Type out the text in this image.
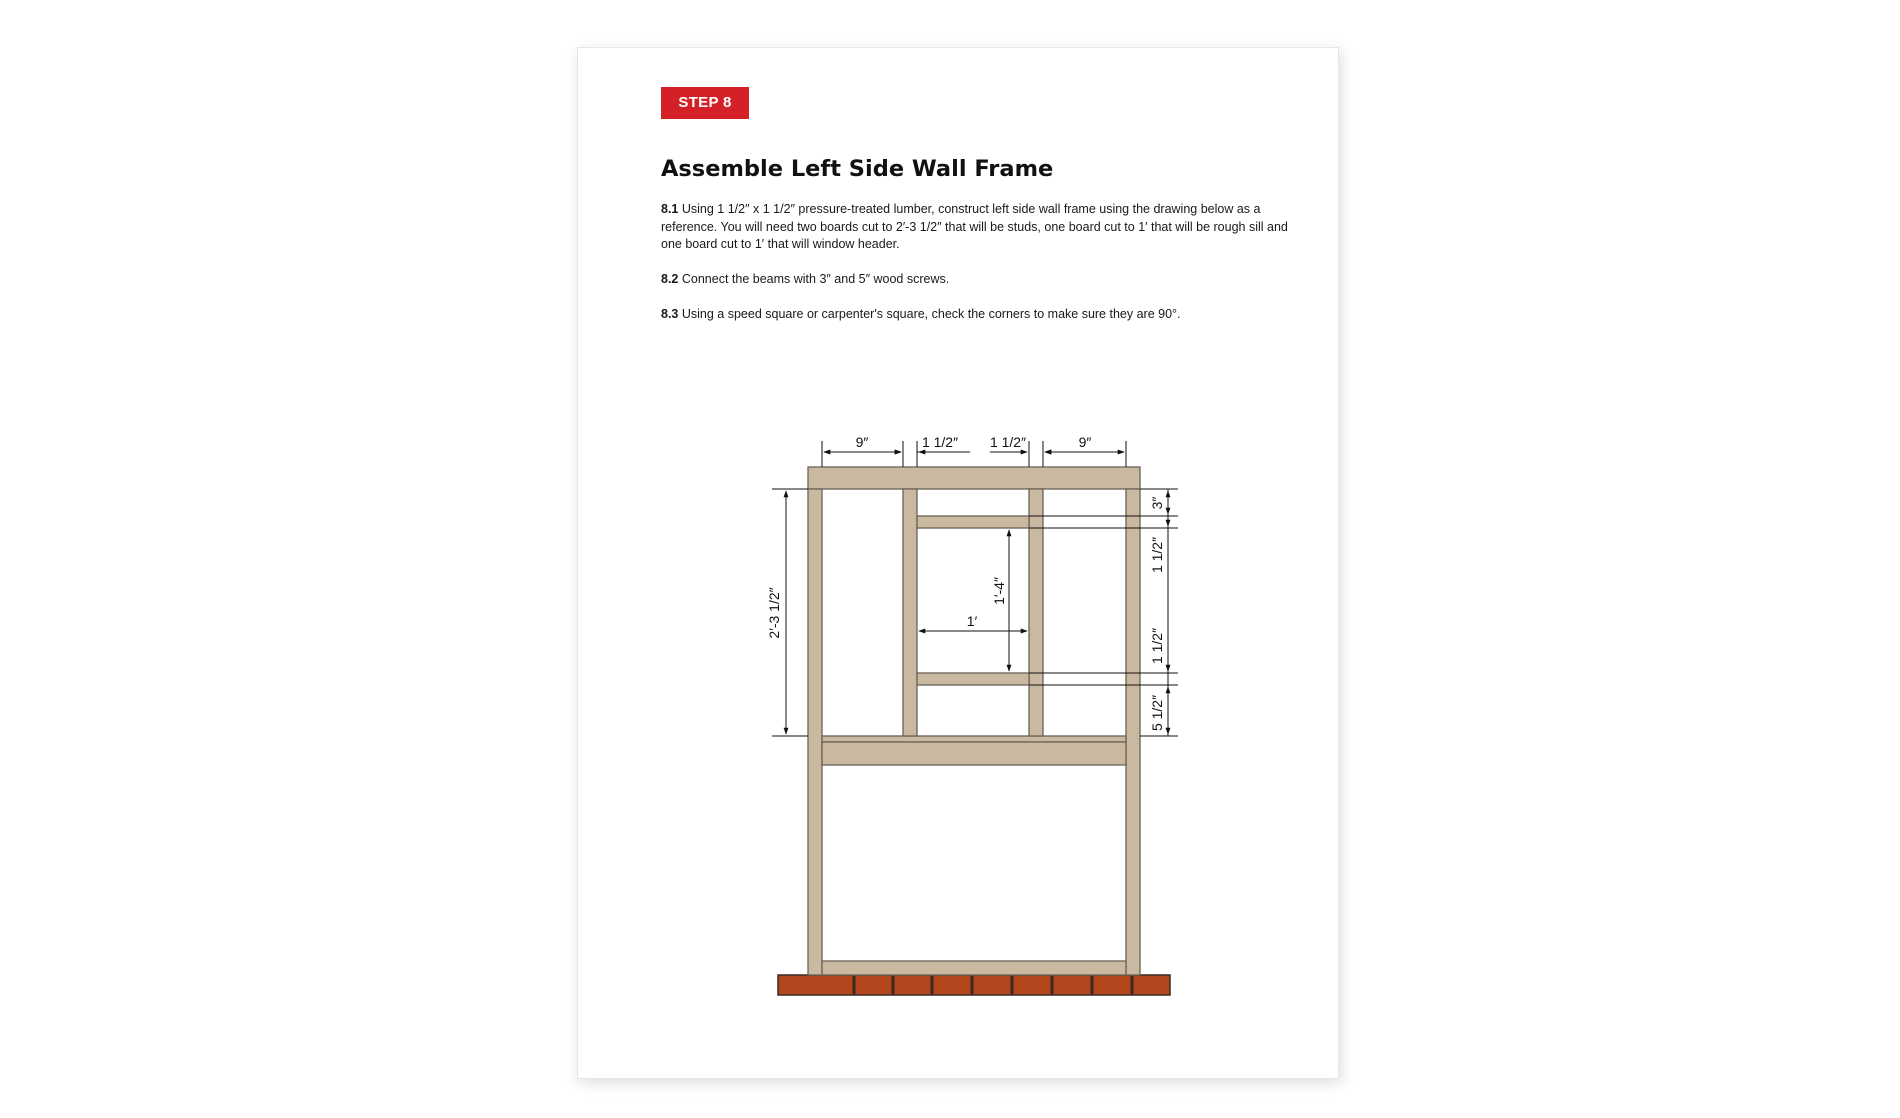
STEP 8
Assemble Left Side Wall Frame

8.1 Using 1 1/2″ x 1 1/2″ pressure-treated lumber, construct left side wall frame using the drawing below as a reference. You will need two boards cut to 2′-3 1/2″ that will be studs, one board cut to 1′ that will be rough sill and one board cut to 1′ that will window header.

8.2 Connect the beams with 3″ and 5″ wood screws.

8.3 Using a speed square or carpenter's square, check the corners to make sure they are 90°.

9″	1 1/2″ 1 1/2″	9″
2′-3 1/2″	1′
1′-4″
3″
1 1/2″
1 1/2″
5 1/2″
